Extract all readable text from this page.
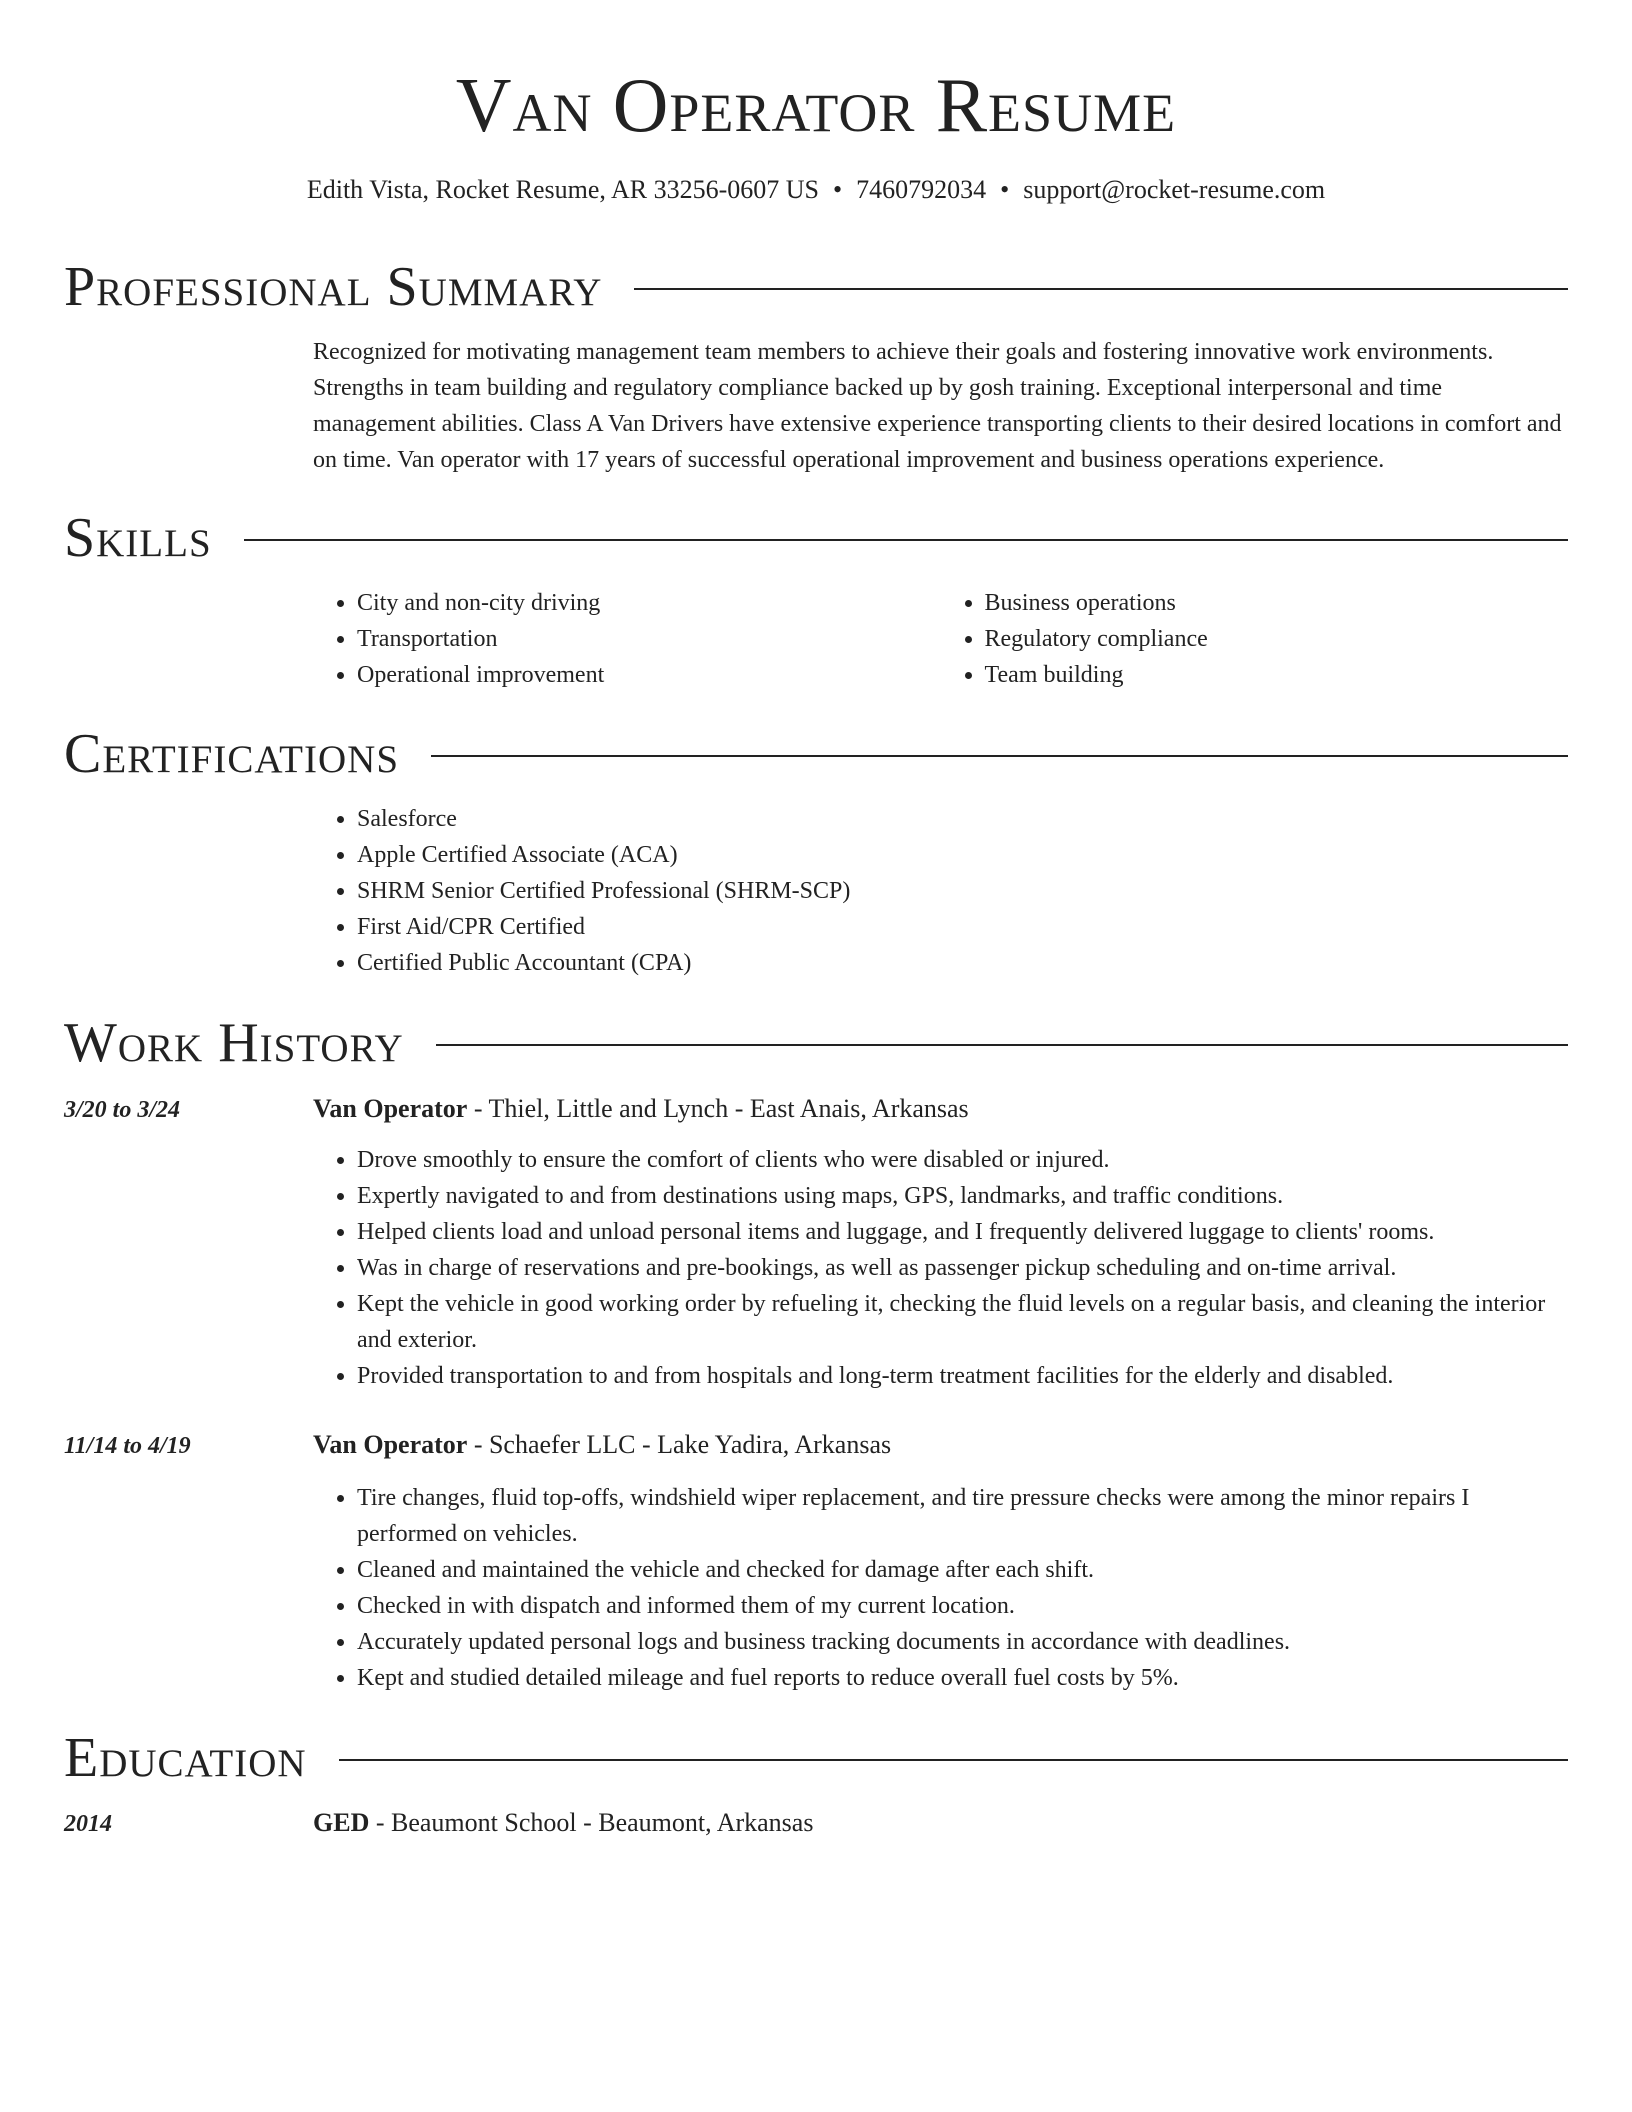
Van Operator Resume
Edith Vista, Rocket Resume, AR 33256-0607 US • 7460792034 • support@rocket-resume.com
Professional Summary

Recognized for motivating management team members to achieve their goals and fostering innovative work environments. Strengths in team building and regulatory compliance backed up by gosh training. Exceptional interpersonal and time management abilities. Class A Van Drivers have extensive experience transporting clients to their desired locations in comfort and on time. Van operator with 17 years of successful operational improvement and business operations experience.

Skills
• City and non-city driving
• Transportation
• Operational improvement
• Business operations
• Regulatory compliance
• Team building
Certifications
• Salesforce
• Apple Certified Associate (ACA)
• SHRM Senior Certified Professional (SHRM-SCP)
• First Aid/CPR Certified
• Certified Public Accountant (CPA)
Work History
3/20 to 3/24	Van Operator - Thiel, Little and Lynch - East Anais, Arkansas
• Drove smoothly to ensure the comfort of clients who were disabled or injured.
• Expertly navigated to and from destinations using maps, GPS, landmarks, and traffic conditions.
• Helped clients load and unload personal items and luggage, and I frequently delivered luggage to clients' rooms.
• Was in charge of reservations and pre-bookings, as well as passenger pickup scheduling and on-time arrival.
• Kept the vehicle in good working order by refueling it, checking the fluid levels on a regular basis, and cleaning the interior and exterior.
• Provided transportation to and from hospitals and long-term treatment facilities for the elderly and disabled.
11/14 to 4/19	Van Operator - Schaefer LLC - Lake Yadira, Arkansas
• Tire changes, fluid top-offs, windshield wiper replacement, and tire pressure checks were among the minor repairs I performed on vehicles.
• Cleaned and maintained the vehicle and checked for damage after each shift.
• Checked in with dispatch and informed them of my current location.
• Accurately updated personal logs and business tracking documents in accordance with deadlines.
• Kept and studied detailed mileage and fuel reports to reduce overall fuel costs by 5%.
Education
2014	GED - Beaumont School - Beaumont, Arkansas
